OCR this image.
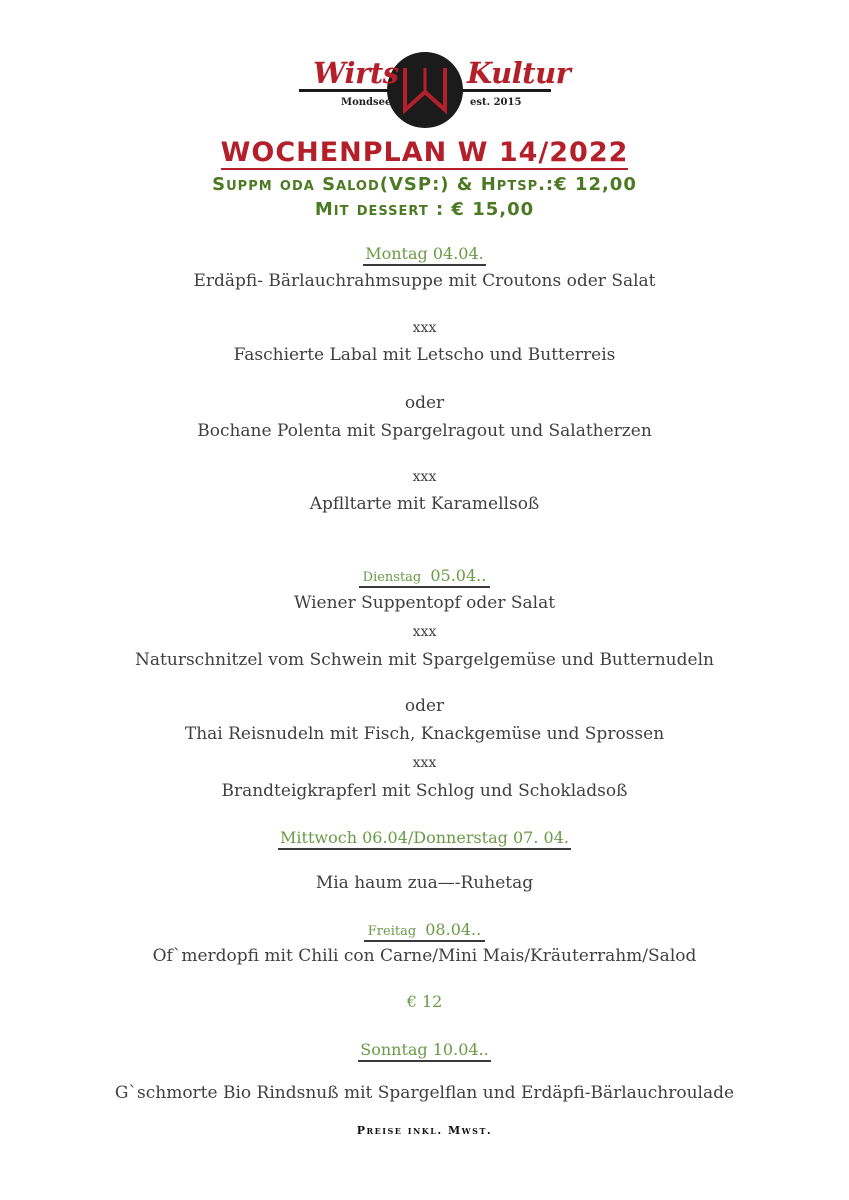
Wirts Kultur
Mondsee	est. 2015
WOCHENPLAN W 14/2022
Suppm oda Salod(VSP:) & Hptsp.:€ 12,00
Mit dessert : € 15,00
Montag 04.04.
Erdäpfi- Bärlauchrahmsuppe mit Croutons oder Salat
xxx
Faschierte Labal mit Letscho und Butterreis
oder
Bochane Polenta mit Spargelragout und Salatherzen
xxx
Apflltarte mit Karamellsoß
Dienstag 05.04..
Wiener Suppentopf oder Salat
xxx
Naturschnitzel vom Schwein mit Spargelgemüse und Butternudeln
oder
Thai Reisnudeln mit Fisch, Knackgemüse und Sprossen
xxx
Brandteigkrapferl mit Schlog und Schokladsoß
Mittwoch 06.04/Donnerstag 07. 04.
Mia haum zua—-Ruhetag
Freitag 08.04..
Of`merdopfi mit Chili con Carne/Mini Mais/Kräuterrahm/Salod
€ 12
Sonntag 10.04..
G`schmorte Bio Rindsnuß mit Spargelflan und Erdäpfi-Bärlauchroulade
Preise inkl. Mwst.
